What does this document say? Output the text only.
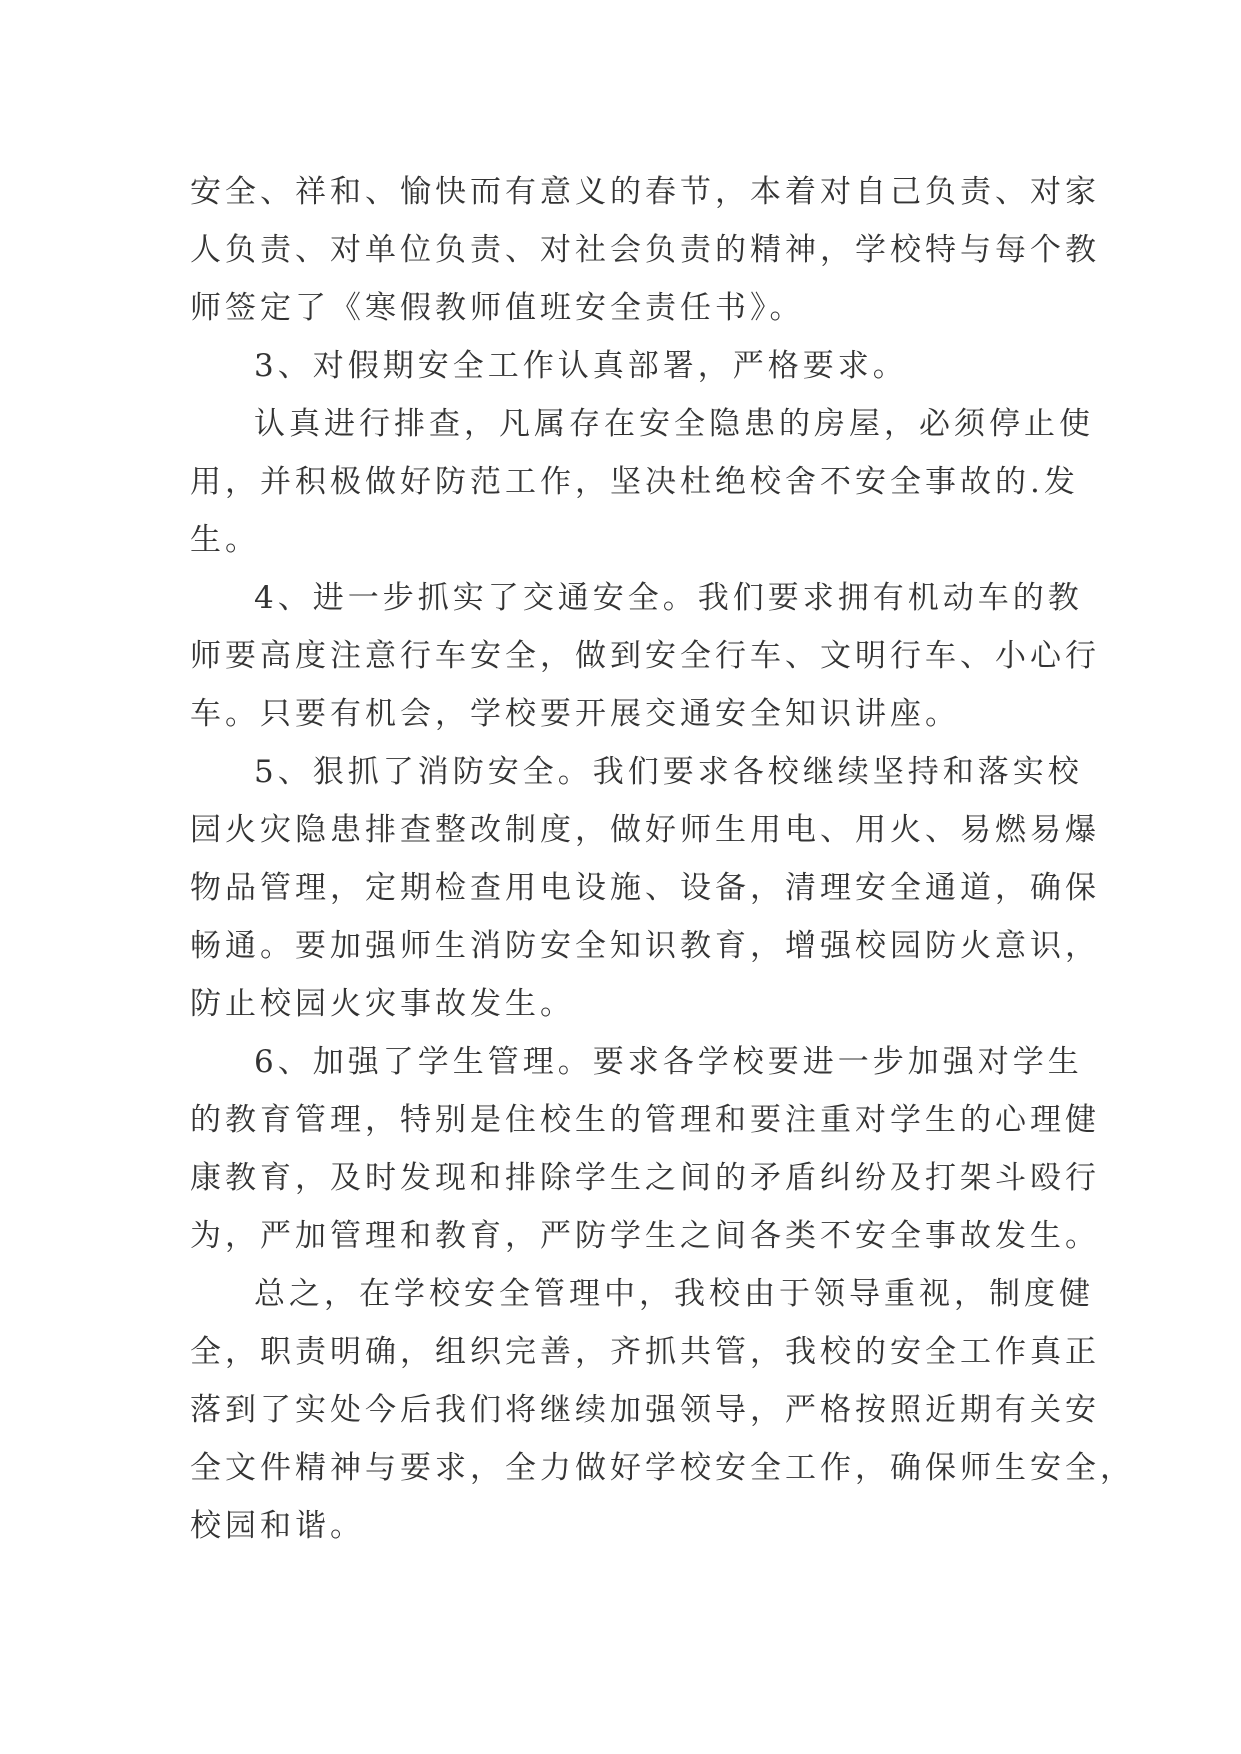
安全、祥和、愉快而有意义的春节，本着对自己负责、对家
人负责、对单位负责、对社会负责的精神，学校特与每个教
师签定了《寒假教师值班安全责任书》。
3、对假期安全工作认真部署，严格要求。
认真进行排查，凡属存在安全隐患的房屋，必须停止使
用，并积极做好防范工作，坚决杜绝校舍不安全事故的.发
生。
4、进一步抓实了交通安全。我们要求拥有机动车的教
师要高度注意行车安全，做到安全行车、文明行车、小心行
车。只要有机会，学校要开展交通安全知识讲座。
5、狠抓了消防安全。我们要求各校继续坚持和落实校
园火灾隐患排查整改制度，做好师生用电、用火、易燃易爆
物品管理，定期检查用电设施、设备，清理安全通道，确保
畅通。要加强师生消防安全知识教育，增强校园防火意识，
防止校园火灾事故发生。
6、加强了学生管理。要求各学校要进一步加强对学生
的教育管理，特别是住校生的管理和要注重对学生的心理健
康教育，及时发现和排除学生之间的矛盾纠纷及打架斗殴行
为，严加管理和教育，严防学生之间各类不安全事故发生。
总之，在学校安全管理中，我校由于领导重视，制度健
全，职责明确，组织完善，齐抓共管，我校的安全工作真正
落到了实处今后我们将继续加强领导，严格按照近期有关安
全文件精神与要求，全力做好学校安全工作，确保师生安全，
校园和谐。
